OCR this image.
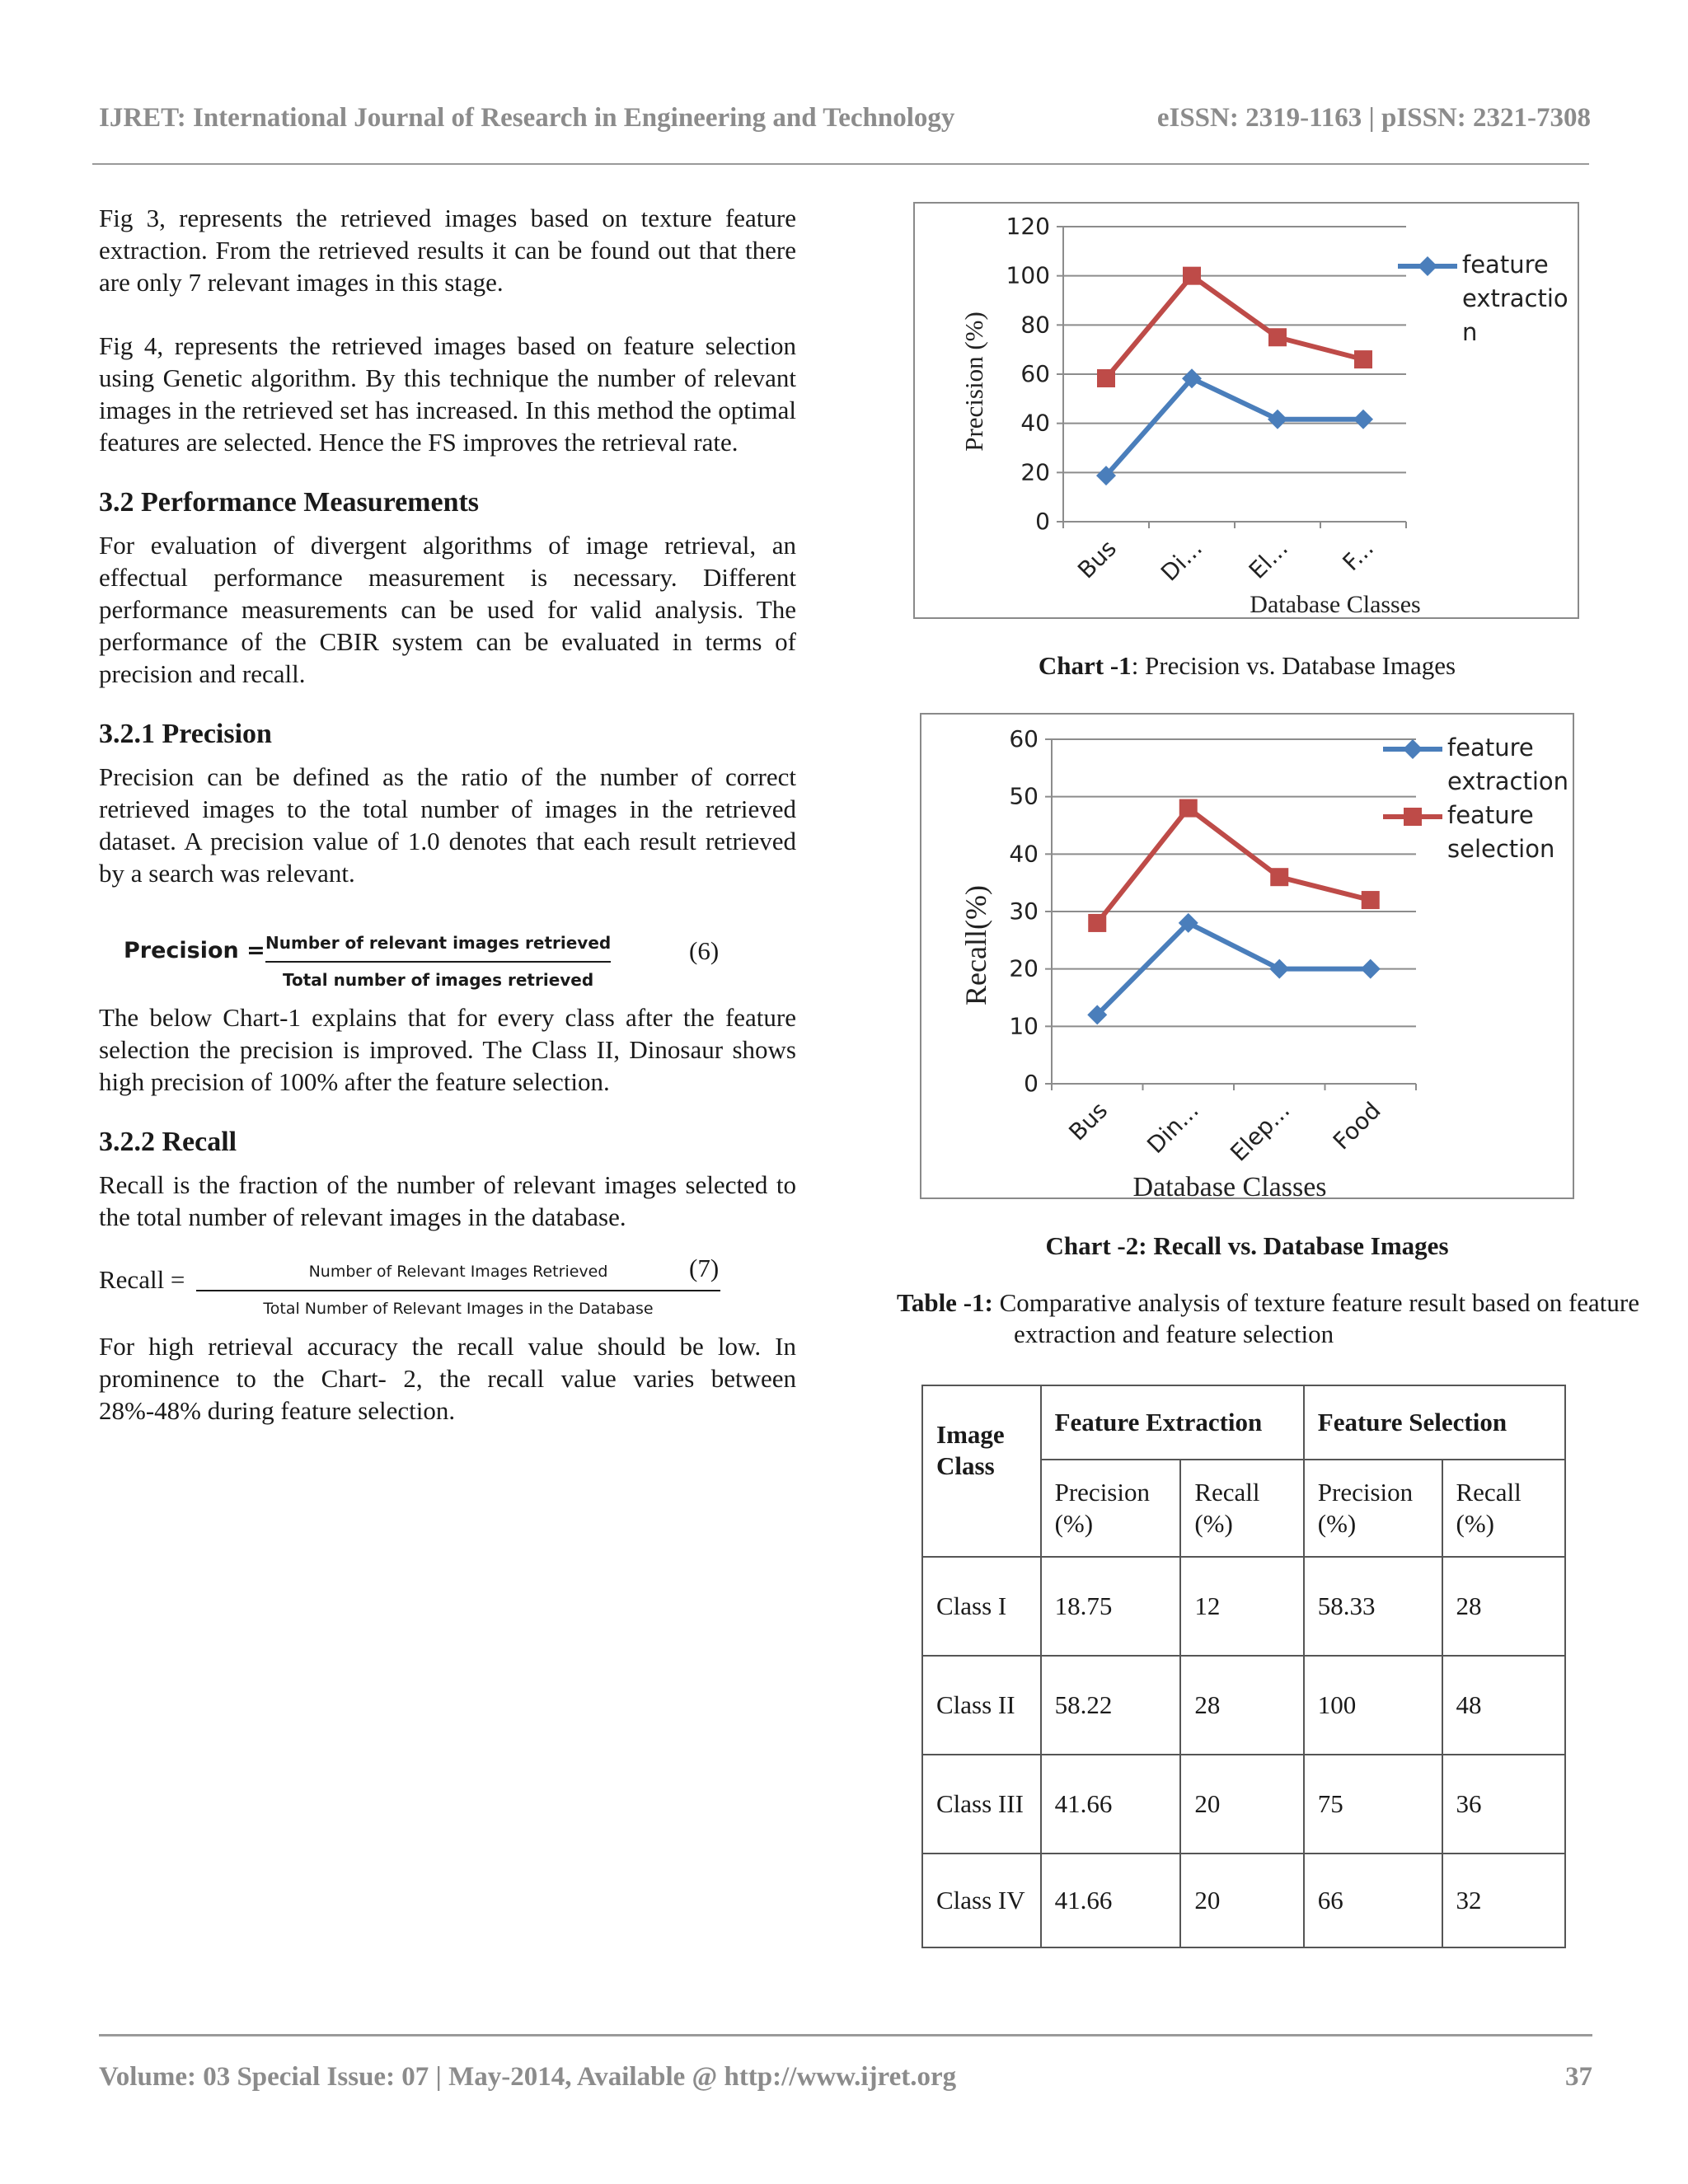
IJRET: International Journal of Research in Engineering and Technology	eISSN: 2319-1163 | pISSN: 2321-7308

Fig 3, represents the retrieved images based on texture feature extraction. From the retrieved results it can be found out that there are only 7 relevant images in this stage.

Fig 4, represents the retrieved images based on feature selection using Genetic algorithm. By this technique the number of relevant images in the retrieved set has increased. In this method the optimal features are selected. Hence the FS improves the retrieval rate.

3.2 Performance Measurements

For evaluation of divergent algorithms of image retrieval, an effectual performance measurement is necessary. Different performance measurements can be used for valid analysis. The performance of the CBIR system can be evaluated in terms of precision and recall.

3.2.1 Precision

Precision can be defined as the ratio of the number of correct retrieved images to the total number of images in the retrieved dataset. A precision value of 1.0 denotes that each result retrieved by a search was relevant.

Precision = Number of relevant images retrieved
Total number of images retrieved
(6)

The below Chart-1 explains that for every class after the feature selection the precision is improved. The Class II, Dinosaur shows high precision of 100% after the feature selection.

3.2.2 Recall

Recall is the fraction of the number of relevant images selected to the total number of relevant images in the database.

Recall =	Number of Relevant Images Retrieved
Total Number of Relevant Images in the Database
(7)

For high retrieval accuracy the recall value should be low. In prominence to the Chart- 2, the recall value varies between 28%-48% during feature selection.

0
20
40
60
80
100
120
Bus Di... El... F...
Database Classes
Precision (%)
feature
extractio
n
Chart -1: Precision vs. Database Images
0
10
20
30
40
50
60
Bus Din... Elep... Food
Database Classes
Recall(%)
feature
extraction
feature
selection
Chart -2: Recall vs. Database Images
Table -1: Comparative analysis of texture feature result based on feature extraction and feature selection
Image Class	Feature Extraction		Feature Selection	
	Precision (%)	Recall (%)	Precision (%)	Recall (%)
Class I	18.75	12	58.33	28
Class II	58.22	28	100	48
Class III	41.66	20	75	36
Class IV	41.66	20	66	32
Volume: 03 Special Issue: 07 | May-2014, Available @ http://www.ijret.org	37
